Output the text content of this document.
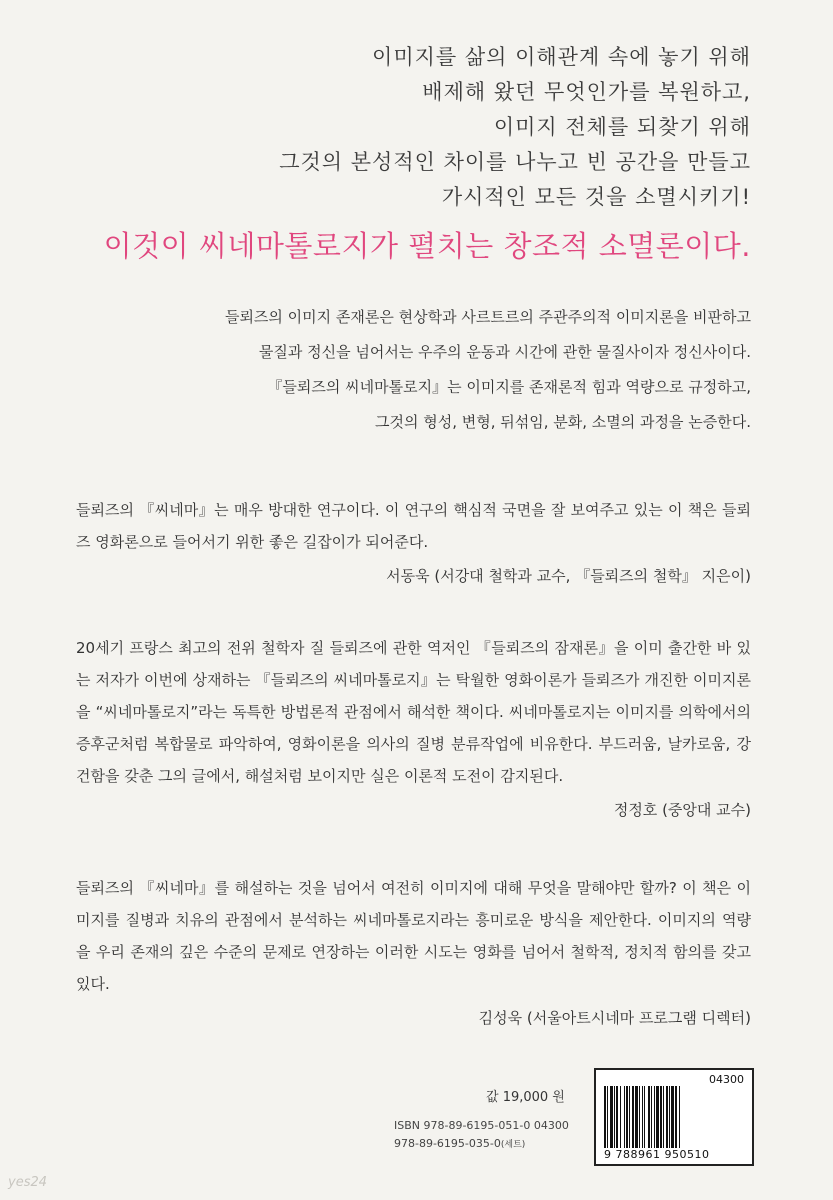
이미지를 삶의 이해관계 속에 놓기 위해
배제해 왔던 무엇인가를 복원하고,
이미지 전체를 되찾기 위해
그것의 본성적인 차이를 나누고 빈 공간을 만들고
가시적인 모든 것을 소멸시키기!
이것이 씨네마톨로지가 펼치는 창조적 소멸론이다.
들뢰즈의 이미지 존재론은 현상학과 사르트르의 주관주의적 이미지론을 비판하고
물질과 정신을 넘어서는 우주의 운동과 시간에 관한 물질사이자 정신사이다.
『들뢰즈의 씨네마톨로지』는 이미지를 존재론적 힘과 역량으로 규정하고,
그것의 형성, 변형, 뒤섞임, 분화, 소멸의 과정을 논증한다.
들뢰즈의 『씨네마』는 매우 방대한 연구이다. 이 연구의 핵심적 국면을 잘 보여주고 있는 이 책은 들뢰즈 영화론으로 들어서기 위한 좋은 길잡이가 되어준다.
서동욱 (서강대 철학과 교수, 『들뢰즈의 철학』 지은이)
20세기 프랑스 최고의 전위 철학자 질 들뢰즈에 관한 역저인 『들뢰즈의 잠재론』을 이미 출간한 바 있는 저자가 이번에 상재하는 『들뢰즈의 씨네마톨로지』는 탁월한 영화이론가 들뢰즈가 개진한 이미지론을 “씨네마톨로지”라는 독특한 방법론적 관점에서 해석한 책이다. 씨네마톨로지는 이미지를 의학에서의 증후군처럼 복합물로 파악하여, 영화이론을 의사의 질병 분류작업에 비유한다. 부드러움, 날카로움, 강건함을 갖춘 그의 글에서, 해설처럼 보이지만 실은 이론적 도전이 감지된다.
정정호 (중앙대 교수)
들뢰즈의 『씨네마』를 해설하는 것을 넘어서 여전히 이미지에 대해 무엇을 말해야만 할까? 이 책은 이미지를 질병과 치유의 관점에서 분석하는 씨네마톨로지라는 흥미로운 방식을 제안한다. 이미지의 역량을 우리 존재의 깊은 수준의 문제로 연장하는 이러한 시도는 영화를 넘어서 철학적, 정치적 함의를 갖고 있다.
김성욱 (서울아트시네마 프로그램 디렉터)
값 19,000 원
ISBN 978-89-6195-051-0 04300
978-89-6195-035-0(세트)
04300
9 788961 950510
yes24
